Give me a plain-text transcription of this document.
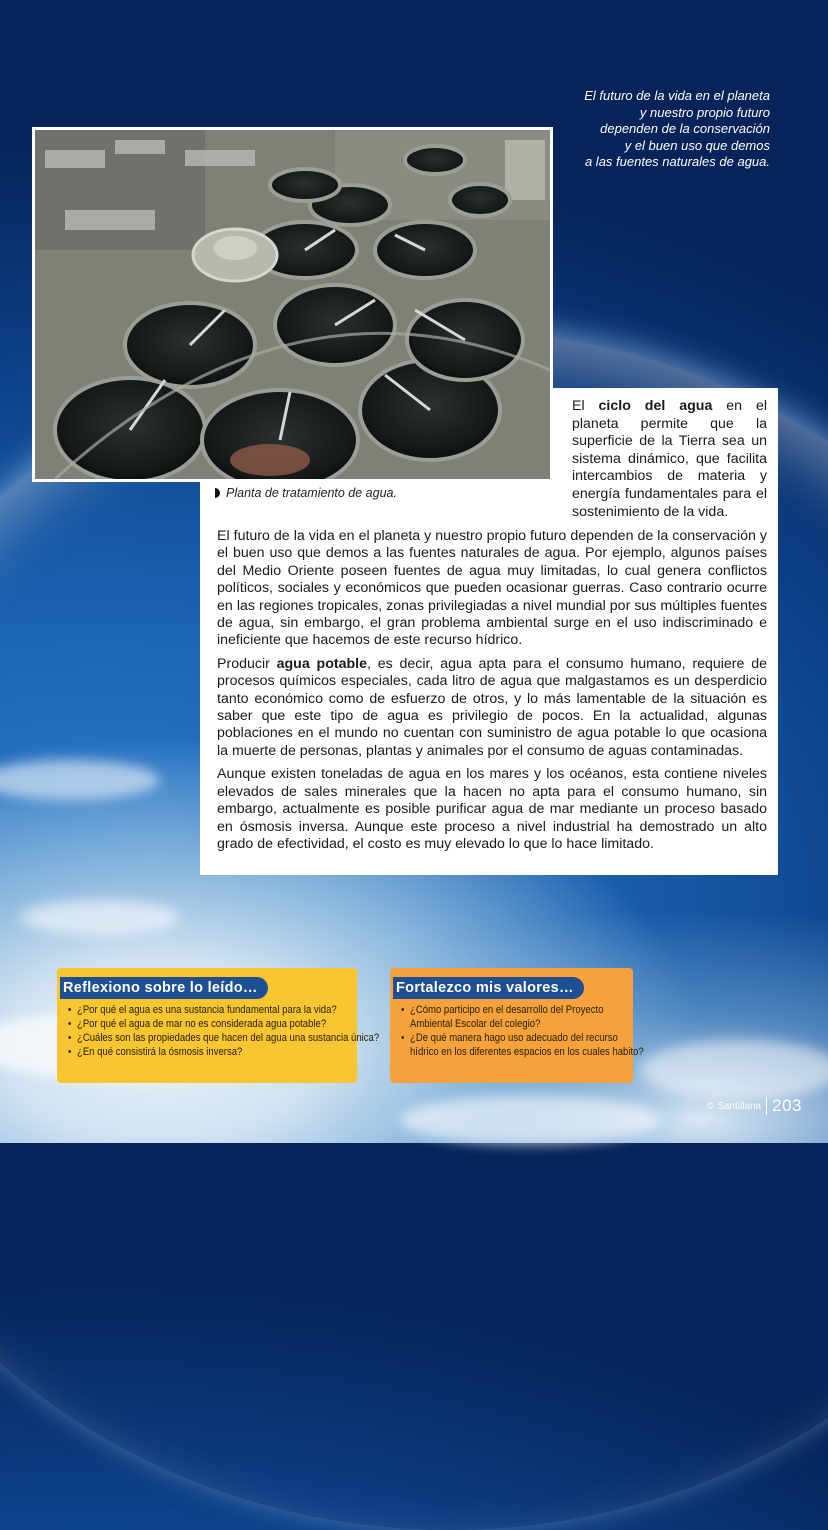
El futuro de la vida en el planeta
y nuestro propio futuro
dependen de la conservación
y el buen uso que demos
a las fuentes naturales de agua.
Planta de tratamiento de agua.
El ciclo del agua en el planeta permite que la superficie de la Tierra sea un sistema dinámico, que facilita intercambios de materia y energía fundamentales para el sostenimiento de la vida.

El futuro de la vida en el planeta y nuestro propio futuro dependen de la conservación y el buen uso que demos a las fuentes naturales de agua. Por ejemplo, algunos países del Medio Oriente poseen fuentes de agua muy limitadas, lo cual genera conflictos políticos, sociales y económicos que pueden ocasionar guerras. Caso contrario ocurre en las regiones tropicales, zonas privilegiadas a nivel mundial por sus múltiples fuentes de agua, sin embargo, el gran problema ambiental surge en el uso indiscriminado e ineficiente que hacemos de este recurso hídrico.

Producir agua potable, es decir, agua apta para el consumo humano, requiere de procesos químicos especiales, cada litro de agua que malgastamos es un desperdicio tanto económico como de esfuerzo de otros, y lo más lamentable de la situación es saber que este tipo de agua es privilegio de pocos. En la actualidad, algunas poblaciones en el mundo no cuentan con suministro de agua potable lo que ocasiona la muerte de personas, plantas y animales por el consumo de aguas contaminadas.

Aunque existen toneladas de agua en los mares y los océanos, esta contiene niveles elevados de sales minerales que la hacen no apta para el consumo humano, sin embargo, actualmente es posible purificar agua de mar mediante un proceso basado en ósmosis inversa. Aunque este proceso a nivel industrial ha demostrado un alto grado de efectividad, el costo es muy elevado lo que lo hace limitado.

Reflexiono sobre lo leído…
• ¿Por qué el agua es una sustancia fundamental para la vida?
• ¿Por qué el agua de mar no es considerada agua potable?
• ¿Cuáles son las propiedades que hacen del agua una sustancia única?
• ¿En qué consistirá la ósmosis inversa?
Fortalezco mis valores…
• ¿Cómo participo en el desarrollo del Proyecto
Ambiental Escolar del colegio?
• ¿De qué manera hago uso adecuado del recurso
hídrico en los diferentes espacios en los cuales habito?
© Santillana 203
